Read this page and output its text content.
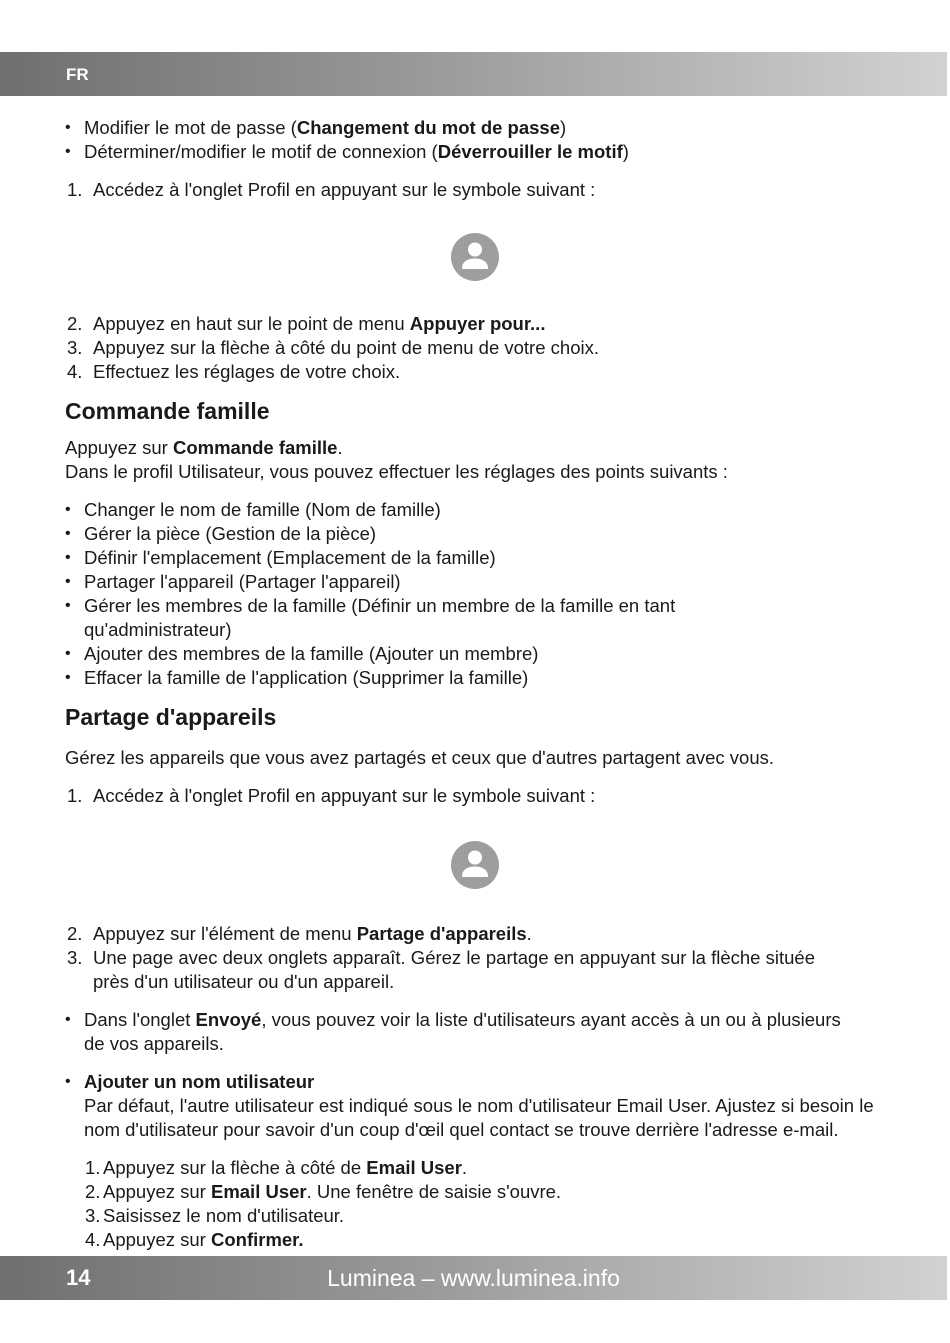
FR
• Modifier le mot de passe (Changement du mot de passe)
• Déterminer/modifier le motif de connexion (Déverrouiller le motif)
1. Accédez à l'onglet Profil en appuyant sur le symbole suivant :
2. Appuyez en haut sur le point de menu Appuyer pour...
3. Appuyez sur la flèche à côté du point de menu de votre choix.
4. Effectuez les réglages de votre choix.
Commande famille

Appuyez sur Commande famille.

Dans le profil Utilisateur, vous pouvez effectuer les réglages des points suivants :

• Changer le nom de famille (Nom de famille)
• Gérer la pièce (Gestion de la pièce)
• Définir l'emplacement (Emplacement de la famille)
• Partager l'appareil (Partager l'appareil)
• Gérer les membres de la famille (Définir un membre de la famille en tant qu'administrateur)
• Ajouter des membres de la famille (Ajouter un membre)
• Effacer la famille de l'application (Supprimer la famille)
Partage d'appareils

Gérez les appareils que vous avez partagés et ceux que d'autres partagent avec vous.

1. Accédez à l'onglet Profil en appuyant sur le symbole suivant :
2. Appuyez sur l'élément de menu Partage d'appareils.
3. Une page avec deux onglets apparaît. Gérez le partage en appuyant sur la flèche située près d'un utilisateur ou d'un appareil.
• Dans l'onglet Envoyé, vous pouvez voir la liste d'utilisateurs ayant accès à un ou à plusieurs de vos appareils.
• Ajouter un nom utilisateur
Par défaut, l'autre utilisateur est indiqué sous le nom d'utilisateur Email User. Ajustez si besoin le nom d'utilisateur pour savoir d'un coup d'œil quel contact se trouve derrière l'adresse e-mail.
1. Appuyez sur la flèche à côté de Email User.
2. Appuyez sur Email User. Une fenêtre de saisie s'ouvre.
3. Saisissez le nom d'utilisateur.
4. Appuyez sur Confirmer.
14	Luminea – www.luminea.info
